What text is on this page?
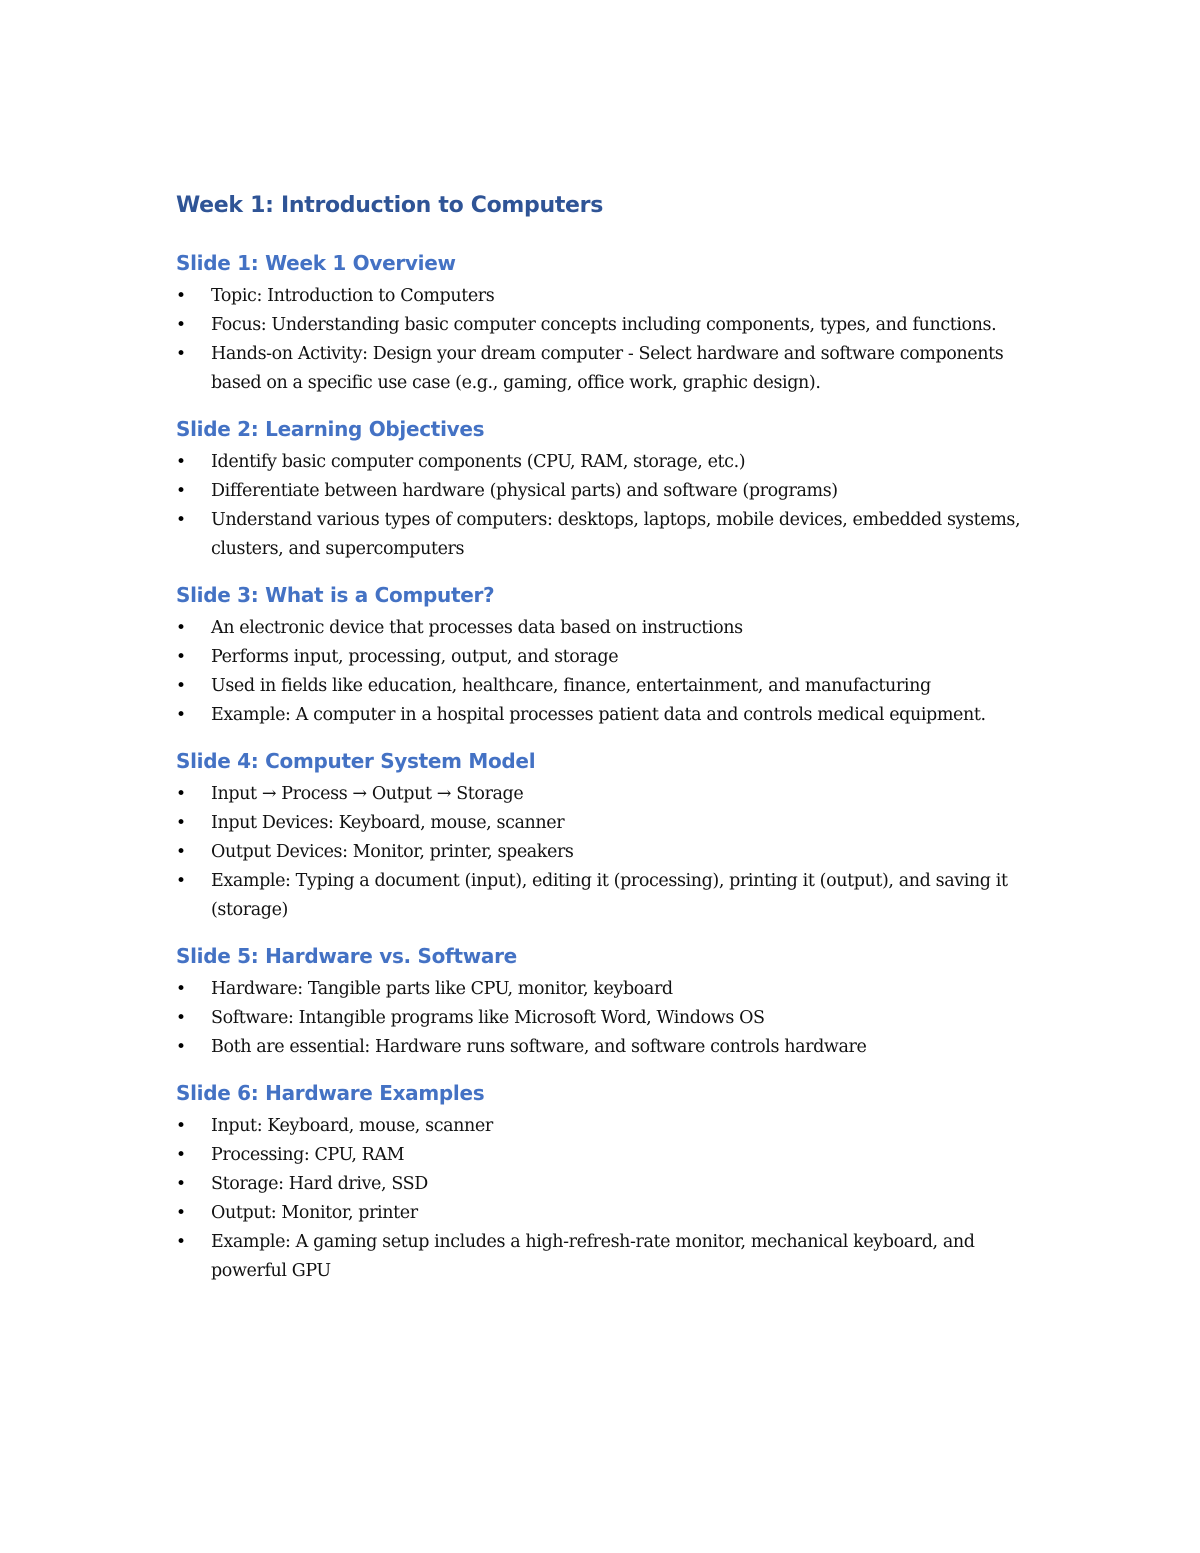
Week 1: Introduction to Computers
Slide 1: Week 1 Overview
• Topic: Introduction to Computers
• Focus: Understanding basic computer concepts including components, types, and functions.
• Hands-on Activity: Design your dream computer - Select hardware and software components based on a specific use case (e.g., gaming, office work, graphic design).
Slide 2: Learning Objectives
• Identify basic computer components (CPU, RAM, storage, etc.)
• Differentiate between hardware (physical parts) and software (programs)
• Understand various types of computers: desktops, laptops, mobile devices, embedded systems, clusters, and supercomputers
Slide 3: What is a Computer?
• An electronic device that processes data based on instructions
• Performs input, processing, output, and storage
• Used in fields like education, healthcare, finance, entertainment, and manufacturing
• Example: A computer in a hospital processes patient data and controls medical equipment.
Slide 4: Computer System Model
• Input → Process → Output → Storage
• Input Devices: Keyboard, mouse, scanner
• Output Devices: Monitor, printer, speakers
• Example: Typing a document (input), editing it (processing), printing it (output), and saving it (storage)
Slide 5: Hardware vs. Software
• Hardware: Tangible parts like CPU, monitor, keyboard
• Software: Intangible programs like Microsoft Word, Windows OS
• Both are essential: Hardware runs software, and software controls hardware
Slide 6: Hardware Examples
• Input: Keyboard, mouse, scanner
• Processing: CPU, RAM
• Storage: Hard drive, SSD
• Output: Monitor, printer
• Example: A gaming setup includes a high-refresh-rate monitor, mechanical keyboard, and powerful GPU
